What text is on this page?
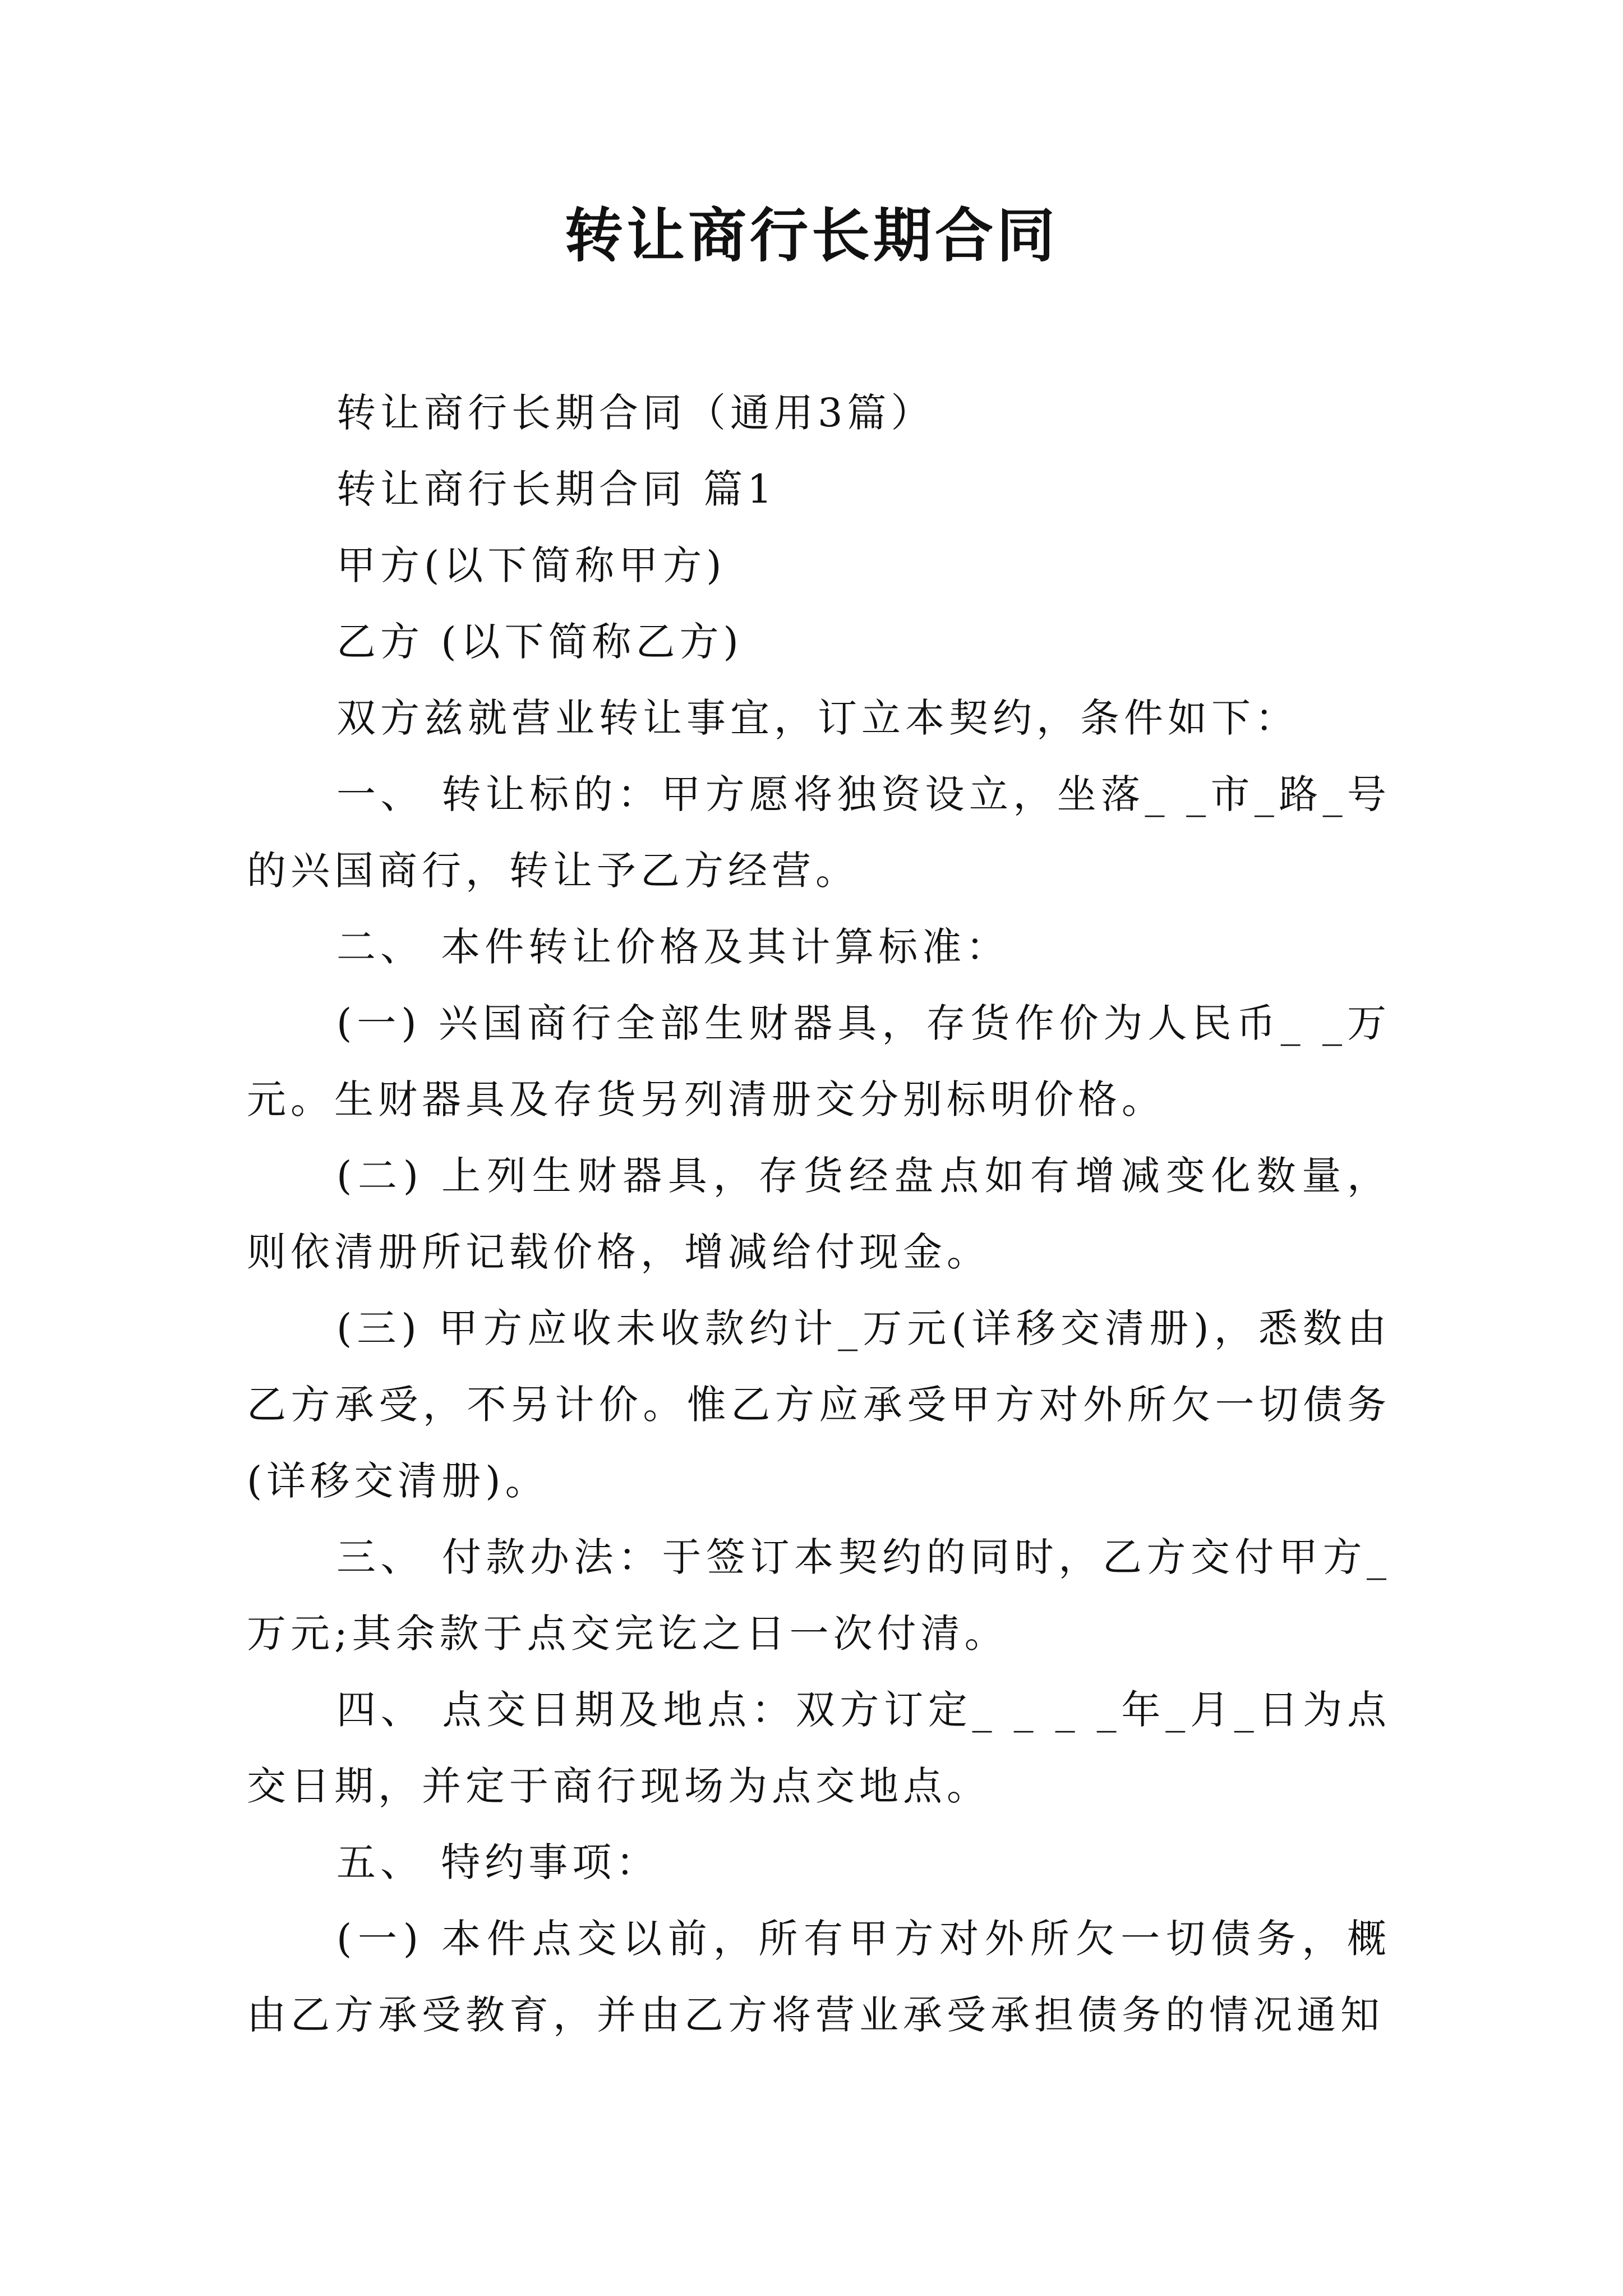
转让商行长期合同

转让商行长期合同（通用3篇）

转让商行长期合同 篇1

甲方(以下简称甲方)

乙方 (以下简称乙方)

双方兹就营业转让事宜，订立本契约，条件如下：

一、 转让标的：甲方愿将独资设立，坐落_ _市_路_号的兴国商行，转让予乙方经营。

二、 本件转让价格及其计算标准：

(一) 兴国商行全部生财器具，存货作价为人民币_ _万元。生财器具及存货另列清册交分别标明价格。

(二) 上列生财器具，存货经盘点如有增减变化数量，则依清册所记载价格，增减给付现金。

(三) 甲方应收未收款约计_万元(详移交清册)，悉数由乙方承受，不另计价。惟乙方应承受甲方对外所欠一切债务(详移交清册)。

三、 付款办法：于签订本契约的同时，乙方交付甲方_万元;其余款于点交完讫之日一次付清。

四、 点交日期及地点：双方订定_ _ _ _年_月_日为点交日期，并定于商行现场为点交地点。

五、 特约事项：

(一) 本件点交以前，所有甲方对外所欠一切债务，概由乙方承受教育，并由乙方将营业承受承担债务的情况通知
